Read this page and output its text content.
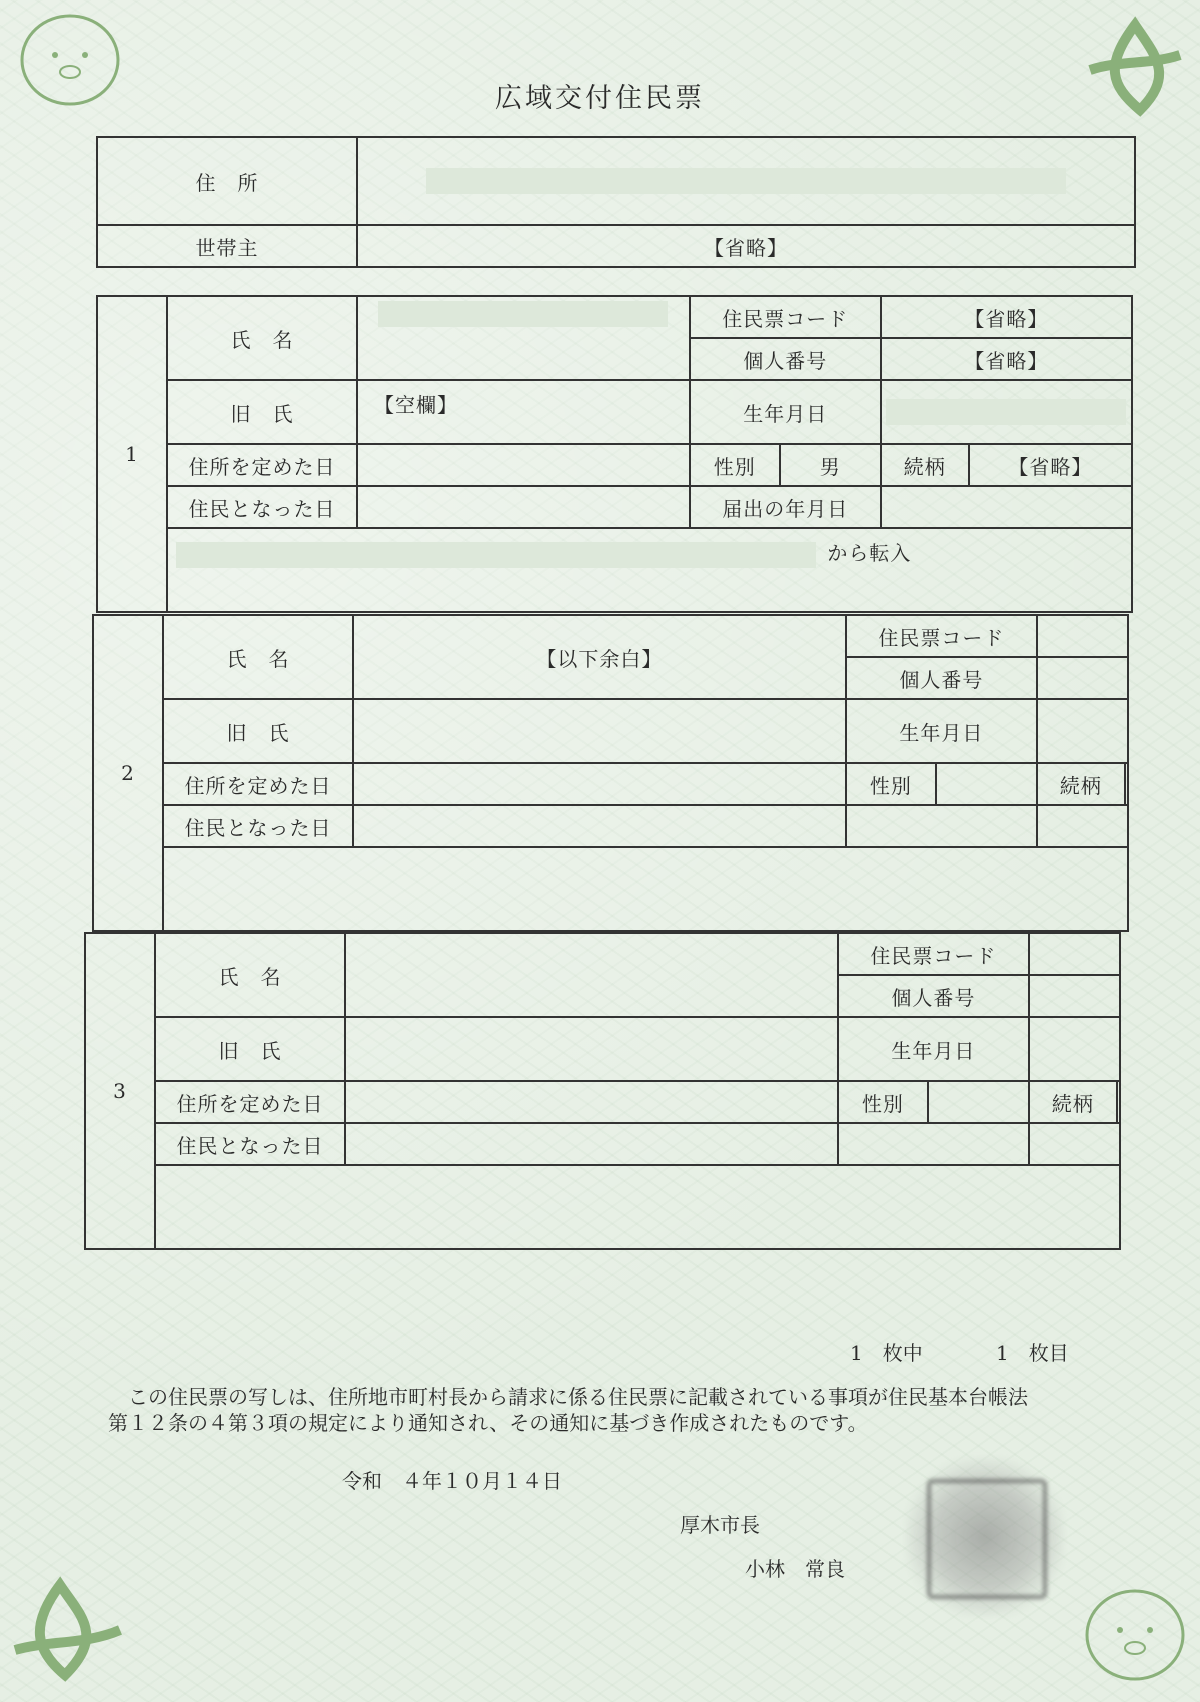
広域交付住民票
住　所	
世帯主	【省略】
1	氏　名		住民票コード		【省略】	
			個人番号		【省略】	
	旧　氏	【空欄】	生年月日			
	住所を定めた日		性別	男	続柄	【省略】
	住民となった日		届出の年月日			
	から転入					
2	氏　名	【以下余白】	住民票コード			
			個人番号			
	旧　氏		生年月日			
	住所を定めた日		性別		続柄	
	住民となった日					

3	氏　名		住民票コード			
			個人番号			
	旧　氏		生年月日			
	住所を定めた日		性別		続柄	
	住民となった日					

1　枚中	1　枚目
この住民票の写しは、住所地市町村長から請求に係る住民票に記載されている事項が住民基本台帳法
第１２条の４第３項の規定により通知され、その通知に基づき作成されたものです。
令和　４年１０月１４日
厚木市長
小林　常良
